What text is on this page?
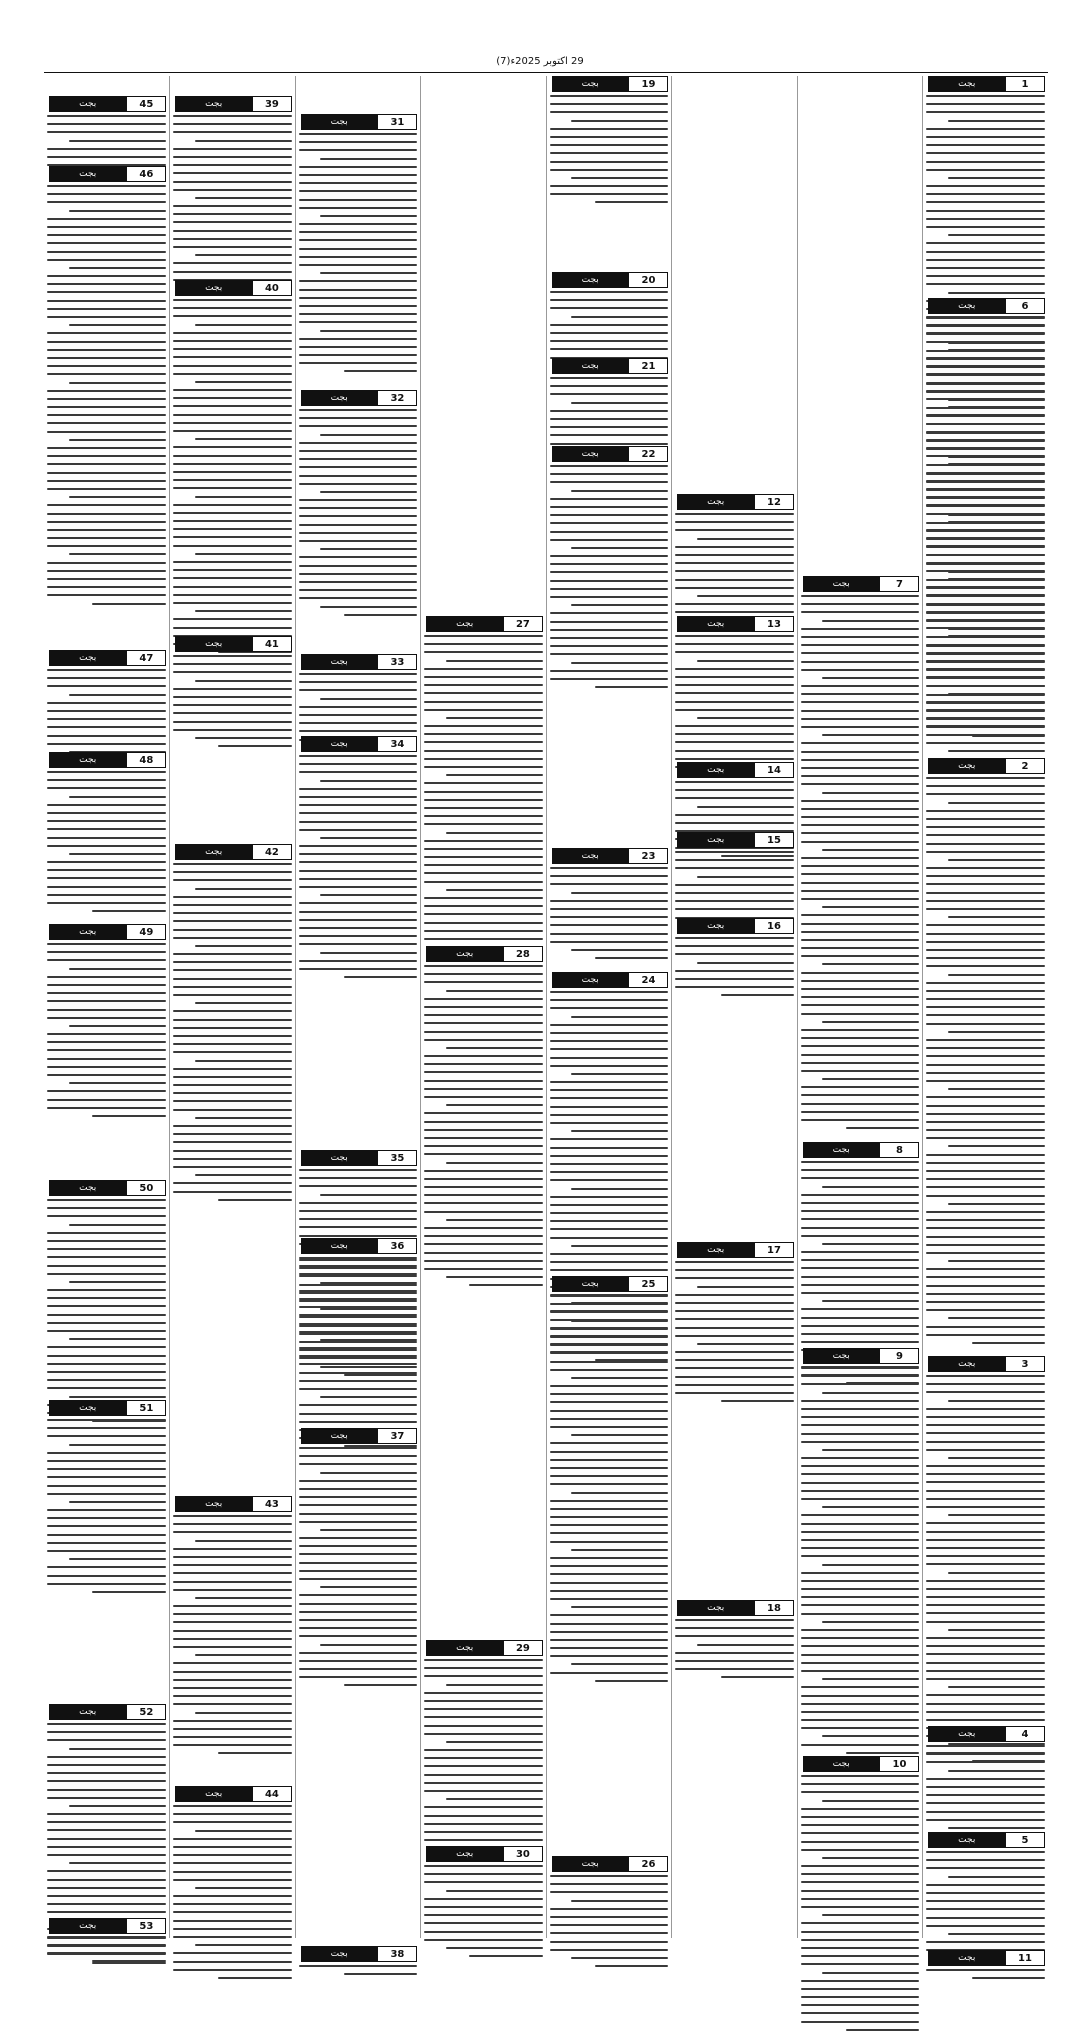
29 اکتوبر 2025ء(7)
بجت	1
بجت	6
بجت	2
بجت	3
بجت	4
بجت	5
بجت	11
بجت	7
بجت	8
بجت	9
بجت	10
بجت	12
بجت	13
بجت	14
بجت	15
بجت	16
بجت	17
بجت	18
بجت	19
بجت	20
بجت	21
بجت	22
بجت	23
بجت	24
بجت	25
بجت	26
بجت	27
بجت	28
بجت	29
بجت	30
بجت	31
بجت	32
بجت	33
بجت	34
بجت	35
بجت	36
بجت	37
بجت	38
بجت	39
بجت	40
بجت	41
بجت	42
بجت	43
بجت	44
بجت	45
بجت	46
بجت	47
بجت	48
بجت	49
بجت	50
بجت	51
بجت	52
بجت	53
